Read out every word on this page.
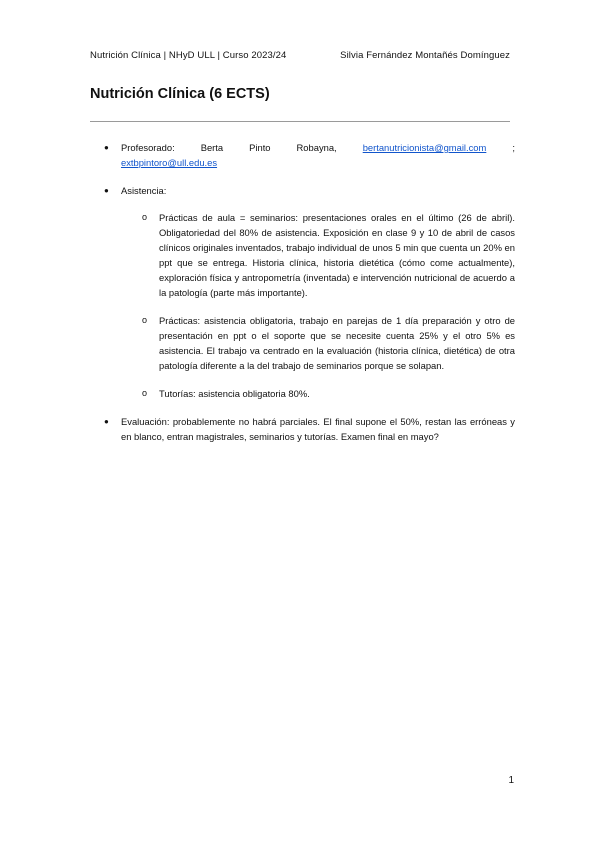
Nutrición Clínica | NHyD ULL | Curso 2023/24	Silvia Fernández Montañés Domínguez
Nutrición Clínica (6 ECTS)
● Profesorado:	Berta	Pinto	Robayna,	bertanutricionista@gmail.com	;
extbpintoro@ull.edu.es
● Asistencia:
o Prácticas de aula = seminarios: presentaciones orales en el último (26 de abril). Obligatoriedad del 80% de asistencia. Exposición en clase 9 y 10 de abril de casos clínicos originales inventados, trabajo individual de unos 5 min que cuenta un 20% en ppt que se entrega. Historia clínica, historia dietética (cómo come actualmente), exploración física y antropometría (inventada) e intervención nutricional de acuerdo a la patología (parte más importante).
o Prácticas: asistencia obligatoria, trabajo en parejas de 1 día preparación y otro de presentación en ppt o el soporte que se necesite cuenta 25% y el otro 5% es asistencia. El trabajo va centrado en la evaluación (historia clínica, dietética) de otra patología diferente a la del trabajo de seminarios porque se solapan.
o Tutorías: asistencia obligatoria 80%.
● Evaluación: probablemente no habrá parciales. El final supone el 50%, restan las erróneas y en blanco, entran magistrales, seminarios y tutorías. Examen final en mayo?
1
